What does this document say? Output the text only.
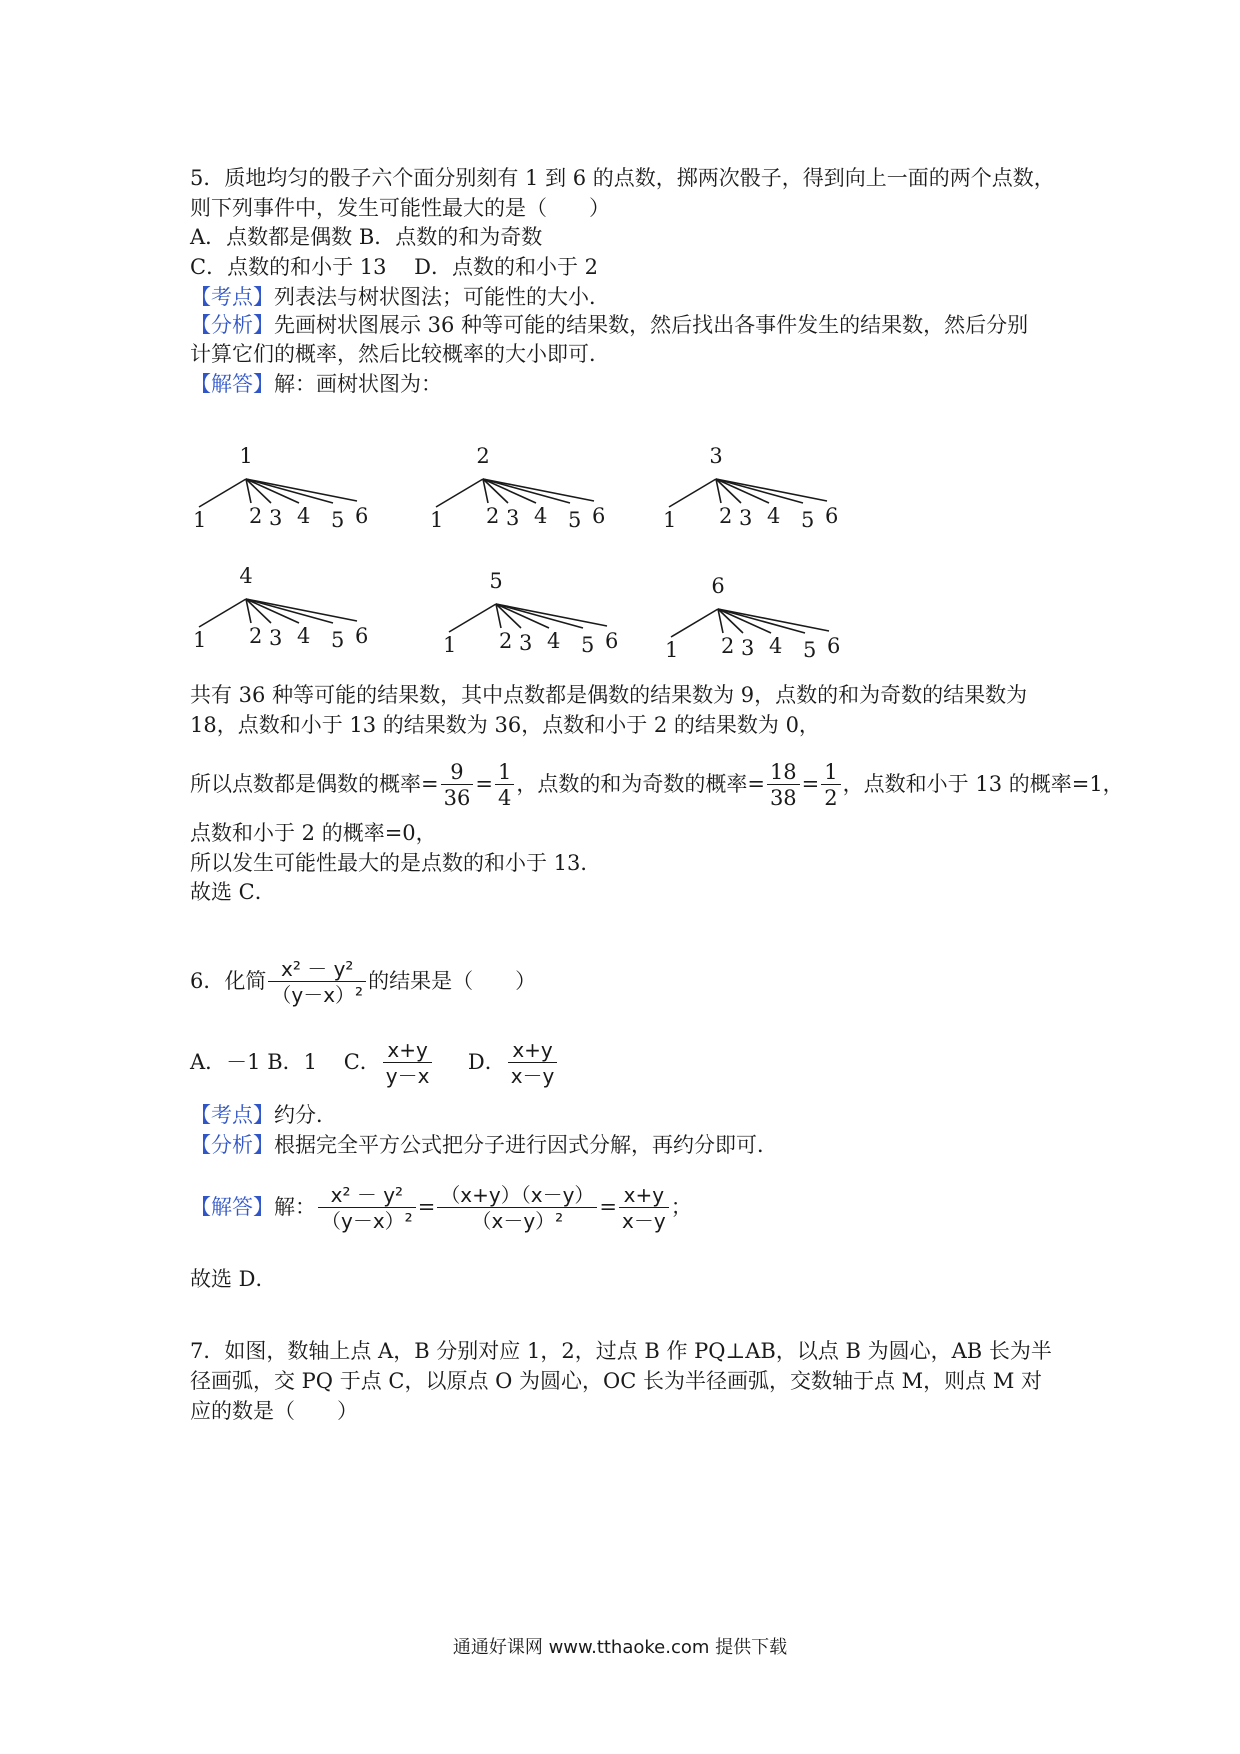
5．质地均匀的骰子六个面分别刻有 1 到 6 的点数，掷两次骰子，得到向上一面的两个点数，
则下列事件中，发生可能性最大的是（　　）
A．点数都是偶数 B．点数的和为奇数
C．点数的和小于 13　 D．点数的和小于 2
【考点】列表法与树状图法；可能性的大小．
【分析】先画树状图展示 36 种等可能的结果数，然后找出各事件发生的结果数，然后分别
计算它们的概率，然后比较概率的大小即可．
【解答】解：画树状图为：
1
1 2 3 4 5 6
2
1 2 3 4 5 6
3
1 2 3 4 5 6
4
1 2 3 4 5 6
5
1 2 3 4 5 6
6
1 2 3 4 5 6
共有 36 种等可能的结果数，其中点数都是偶数的结果数为 9，点数的和为奇数的结果数为
18，点数和小于 13 的结果数为 36，点数和小于 2 的结果数为 0，
所以点数都是偶数的概率= $\frac{9}{36} = \frac{1}{4}$ ，点数的和为奇数的概率= $\frac{18}{38} = \frac{1}{2}$ ，点数和小于 13 的概率=1，
点数和小于 2 的概率=0，
所以发生可能性最大的是点数的和小于 13．
故选 C．
6．化简 $\frac{\text{x² － y²}}{\text{（y－x）²}}$ 的结果是（　　）
A．－1 B．1 C． $\frac{x+y}{y-x}$ D． $\frac{x+y}{x-y}$
【考点】约分．
【分析】根据完全平方公式把分子进行因式分解，再约分即可．
【解答】解： $\frac{\text{x² － y²}}{\text{（y－x）²}} = \frac{(x+y)(x-y)}{\text{（x－y）²}} = \frac{x+y}{x-y}$ ；
故选 D．
7．如图，数轴上点 A，B 分别对应 1，2，过点 B 作 PQ⊥AB，以点 B 为圆心，AB 长为半
径画弧，交 PQ 于点 C，以原点 O 为圆心，OC 长为半径画弧，交数轴于点 M，则点 M 对
应的数是（　　）
通通好课网 www.tthaoke.com 提供下载
